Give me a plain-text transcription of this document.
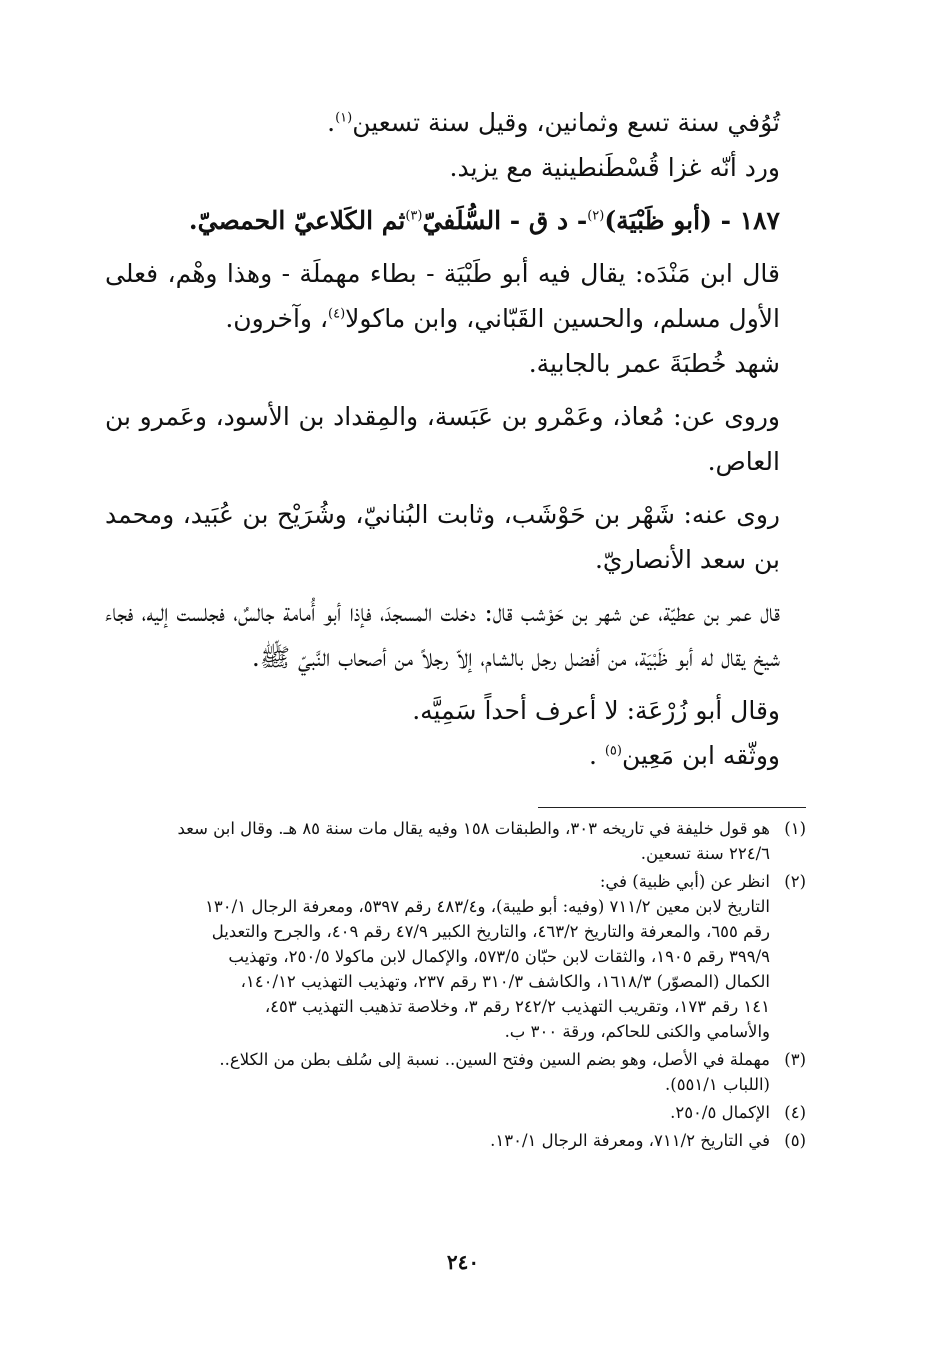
تُوُفي سنة تسع وثمانين، وقيل سنة تسعين$^{(١)}$.

ورد أنّه غزا قُسْطَنطينية مع يزيد.

١٨٧ - (أبو ظَبْيَة)$^{(٢)}$- د ق - السُّلَفيّ$^{(٣)}$ثم الكَلاعيّ الحمصيّ.

قال ابن مَنْدَه: يقال فيه أبو طَبْيَة - بطاء مهملَة - وهذا وهْم، فعلى الأول مسلم، والحسين القَبّاني، وابن ماكولا$^{(٤)}$، وآخرون.

شهد خُطبَةَ عمر بالجابية.

وروى عن: مُعاذ، وعَمْرو بن عَبَسة، والمِقداد بن الأسود، وعَمرو بن العاص.

روى عنه: شَهْر بن حَوْشَب، وثابت البُنانيّ، وشُرَيْح بن عُبَيد، ومحمد بن سعد الأنصاريّ.

قال عمر بن عطيّة، عن شهر بن حَوْشب قال: دخلت المسجدَ، فإذا أبو أُمامة جالسٌ، فجلست إليه، فجاء شيخ يقال له أبو ظَبْيَة، من أفضل رجل بالشام، إلاّ رجلاً من أصحاب النَّبيّ ﷺ.

وقال أبو زُرْعَة: لا أعرف أحداً سَمِيَّه.

ووثّقه ابن مَعِين$^{(٥)}$ .

(١)
هو قول خليفة في تاريخه ٣٠٣، والطبقات ١٥٨ وفيه يقال مات سنة ٨٥ هـ. وقال ابن سعد
٢٢٤/٦ سنة تسعين.
(٢)
انظر عن (أبي ظبية) في:
التاريخ لابن معين ٧١١/٢ (وفيه: أبو طيبة)، و٤٨٣/٤ رقم ٥٣٩٧، ومعرفة الرجال ١٣٠/١
رقم ٦٥٥، والمعرفة والتاريخ ٤٦٣/٢، والتاريخ الكبير ٤٧/٩ رقم ٤٠٩، والجرح والتعديل
٣٩٩/٩ رقم ١٩٠٥، والثقات لابن حبّان ٥٧٣/٥، والإكمال لابن ماكولا ٢٥٠/٥، وتهذيب
الكمال (المصوّر) ١٦١٨/٣، والكاشف ٣١٠/٣ رقم ٢٣٧، وتهذيب التهذيب ١٤٠/١٢،
١٤١ رقم ١٧٣، وتقريب التهذيب ٢٤٢/٢ رقم ٣، وخلاصة تذهيب التهذيب ٤٥٣،
والأسامي والكنى للحاكم، ورقة ٣٠٠ ب.
(٣)
مهملة في الأصل، وهو بضم السين وفتح السين.. نسبة إلى سُلف بطن من الكلاع..
(اللباب ٥٥١/١).
(٤)
الإكمال ٢٥٠/٥.
(٥)
في التاريخ ٧١١/٢، ومعرفة الرجال ١٣٠/١.
٢٤٠
